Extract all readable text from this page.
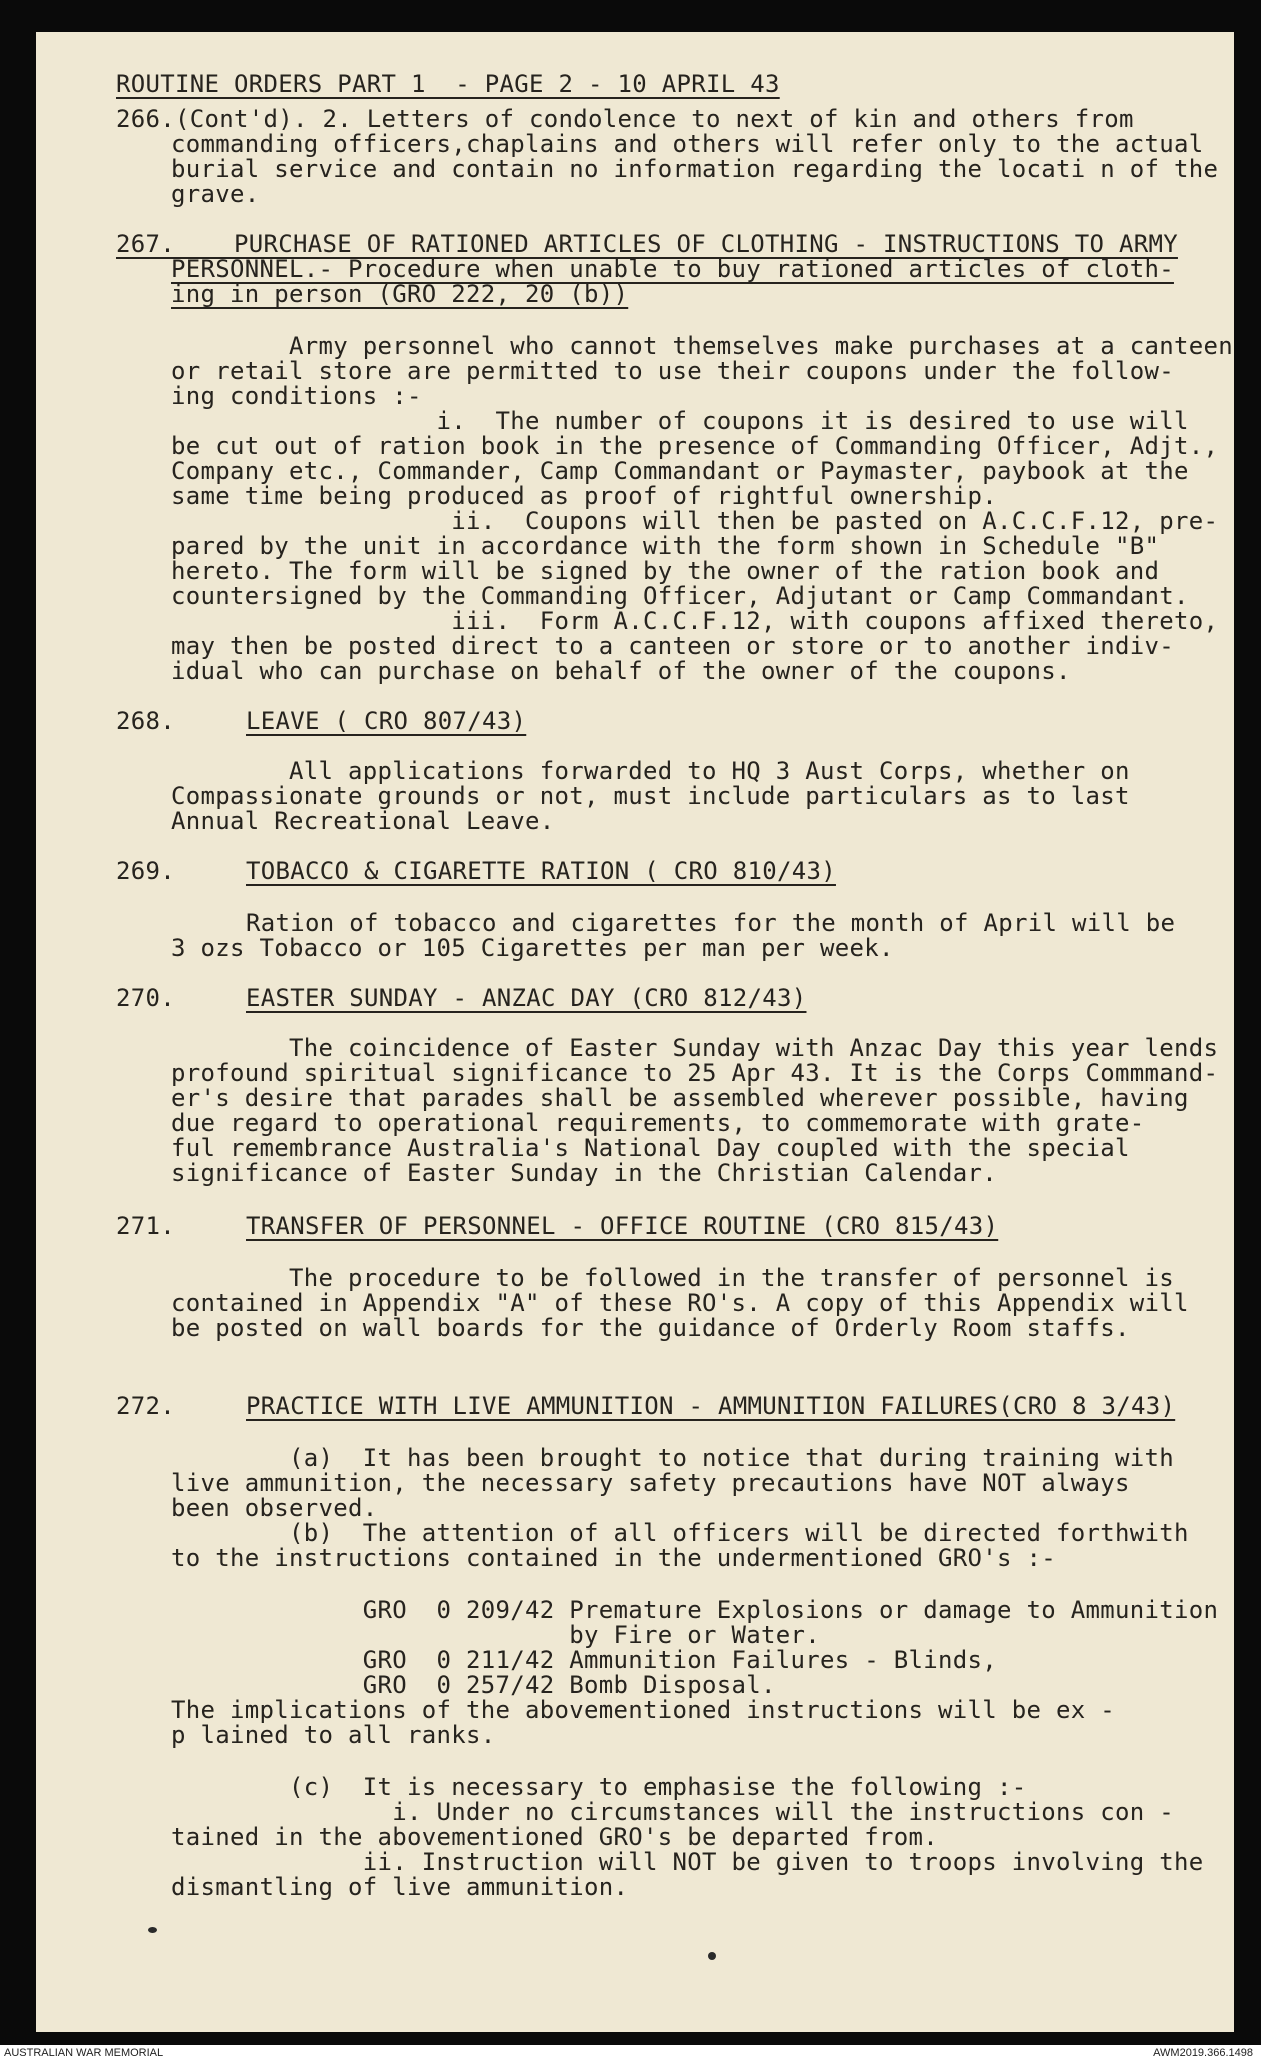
ROUTINE ORDERS PART 1  - PAGE 2 - 10 APRIL 43
266.(Cont'd). 2. Letters of condolence to next of kin and others from
commanding officers,chaplains and others will refer only to the actual
burial service and contain no information regarding the locati n of the
grave.
267.    PURCHASE OF RATIONED ARTICLES OF CLOTHING - INSTRUCTIONS TO ARMY
PERSONNEL.- Procedure when unable to buy rationed articles of cloth-
ing in person (GRO 222, 20 (b))
Army personnel who cannot themselves make purchases at a canteen
or retail store are permitted to use their coupons under the follow-
ing conditions :-
i.  The number of coupons it is desired to use will
be cut out of ration book in the presence of Commanding Officer, Adjt.,
Company etc., Commander, Camp Commandant or Paymaster, paybook at the
same time being produced as proof of rightful ownership.
ii.  Coupons will then be pasted on A.C.C.F.12, pre-
pared by the unit in accordance with the form shown in Schedule "B"
hereto. The form will be signed by the owner of the ration book and
countersigned by the Commanding Officer, Adjutant or Camp Commandant.
iii.  Form A.C.C.F.12, with coupons affixed thereto,
may then be posted direct to a canteen or store or to another indiv-
idual who can purchase on behalf of the owner of the coupons.
268.	LEAVE ( CRO 807/43)
All applications forwarded to HQ 3 Aust Corps, whether on
Compassionate grounds or not, must include particulars as to last
Annual Recreational Leave.
269.	TOBACCO & CIGARETTE RATION ( CRO 810/43)
Ration of tobacco and cigarettes for the month of April will be
3 ozs Tobacco or 105 Cigarettes per man per week.
270.	EASTER SUNDAY - ANZAC DAY (CRO 812/43)
The coincidence of Easter Sunday with Anzac Day this year lends
profound spiritual significance to 25 Apr 43. It is the Corps Commmand-
er's desire that parades shall be assembled wherever possible, having
due regard to operational requirements, to commemorate with grate-
ful remembrance Australia's National Day coupled with the special
significance of Easter Sunday in the Christian Calendar.
271.	TRANSFER OF PERSONNEL - OFFICE ROUTINE (CRO 815/43)
The procedure to be followed in the transfer of personnel is
contained in Appendix "A" of these RO's. A copy of this Appendix will
be posted on wall boards for the guidance of Orderly Room staffs.
272.	PRACTICE WITH LIVE AMMUNITION - AMMUNITION FAILURES(CRO 8 3/43)
(a)  It has been brought to notice that during training with
live ammunition, the necessary safety precautions have NOT always
been observed.
(b)  The attention of all officers will be directed forthwith
to the instructions contained in the undermentioned GRO's :-
GRO  0 209/42 Premature Explosions or damage to Ammunition
by Fire or Water.
GRO  0 211/42 Ammunition Failures - Blinds,
GRO  0 257/42 Bomb Disposal.
The implications of the abovementioned instructions will be ex -
p lained to all ranks.
(c)  It is necessary to emphasise the following :-
i. Under no circumstances will the instructions con -
tained in the abovementioned GRO's be departed from.
ii. Instruction will NOT be given to troops involving the
dismantling of live ammunition.
AUSTRALIAN WAR MEMORIAL	AWM2019.366.1498
